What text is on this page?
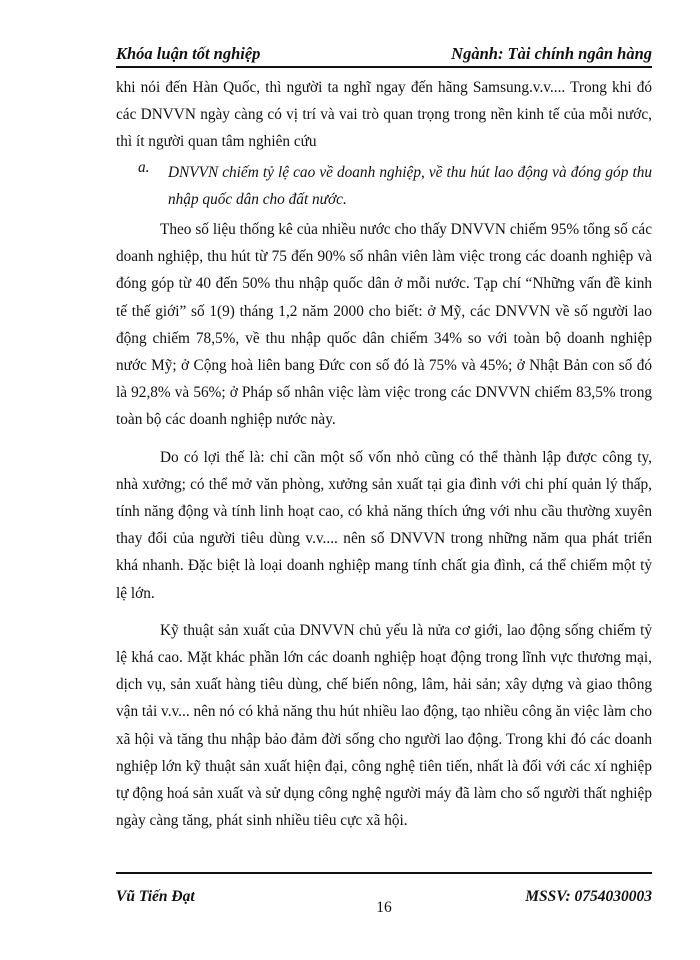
Khóa luận tốt nghiệp	Ngành: Tài chính ngân hàng

khi nói đến Hàn Quốc, thì người ta nghĩ ngay đến hãng Samsung.v.v.... Trong khi đó các DNVVN ngày càng có vị trí và vai trò quan trọng trong nền kinh tế của mỗi nước, thì ít người quan tâm nghiên cứu

a.	DNVVN chiếm tỷ lệ cao về doanh nghiệp, về thu hút lao động và đóng góp thu nhập quốc dân cho đất nước.

Theo số liệu thống kê của nhiều nước cho thấy DNVVN chiếm 95% tổng số các doanh nghiệp, thu hút từ 75 đến 90% số nhân viên làm việc trong các doanh nghiệp và đóng góp từ 40 đến 50% thu nhập quốc dân ở mỗi nước. Tạp chí “Những vấn đề kinh tế thế giới” số 1(9) tháng 1,2 năm 2000 cho biết: ở Mỹ, các DNVVN về số người lao động chiếm 78,5%, về thu nhập quốc dân chiếm 34% so với toàn bộ doanh nghiệp nước Mỹ; ở Cộng hoà liên bang Đức con số đó là 75% và 45%; ở Nhật Bản con số đó là 92,8% và 56%; ở Pháp số nhân việc làm việc trong các DNVVN chiếm 83,5% trong toàn bộ các doanh nghiệp nước này.

Do có lợi thế là: chỉ cần một số vốn nhỏ cũng có thể thành lập được công ty, nhà xưởng; có thể mở văn phòng, xưởng sản xuất tại gia đình với chi phí quản lý thấp, tính năng động và tính linh hoạt cao, có khả năng thích ứng với nhu cầu thường xuyên thay đổi của người tiêu dùng v.v.... nên số DNVVN trong những năm qua phát triển khá nhanh. Đặc biệt là loại doanh nghiệp mang tính chất gia đình, cá thể chiếm một tỷ lệ lớn.

Kỹ thuật sản xuất của DNVVN chủ yếu là nửa cơ giới, lao động sống chiếm tỷ lệ khá cao. Mặt khác phần lớn các doanh nghiệp hoạt động trong lĩnh vực thương mại, dịch vụ, sản xuất hàng tiêu dùng, chế biến nông, lâm, hải sản; xây dựng và giao thông vận tải v.v... nên nó có khả năng thu hút nhiều lao động, tạo nhiều công ăn việc làm cho xã hội và tăng thu nhập bảo đảm đời sống cho người lao động. Trong khi đó các doanh nghiệp lớn kỹ thuật sản xuất hiện đại, công nghệ tiên tiến, nhất là đối với các xí nghiệp tự động hoá sản xuất và sử dụng công nghệ người máy đã làm cho số người thất nghiệp ngày càng tăng, phát sinh nhiều tiêu cực xã hội.

Vũ Tiến Đạt
16
MSSV: 0754030003
